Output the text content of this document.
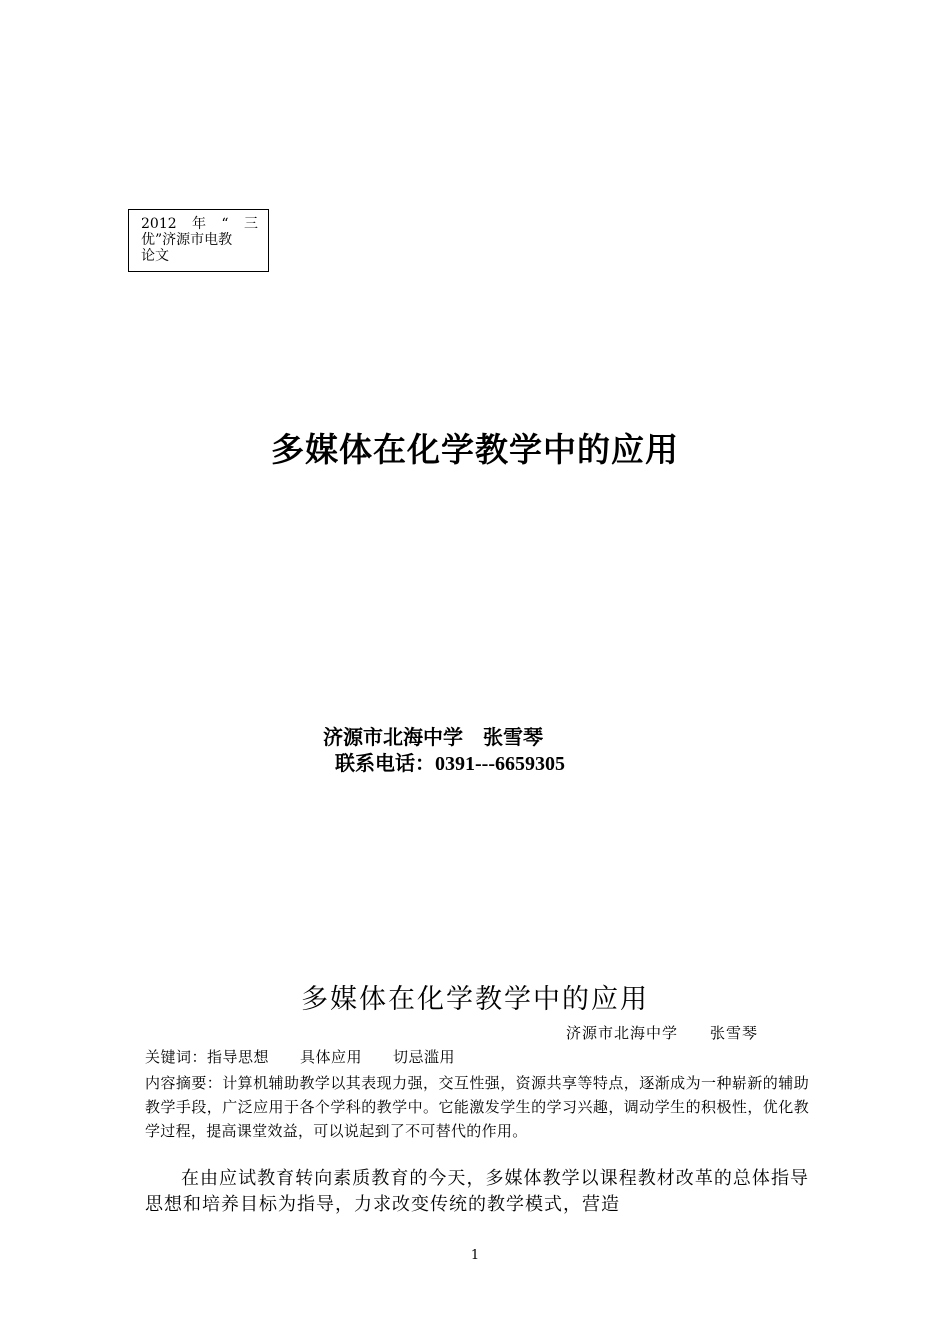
2012 年 “ 三
优”济源市电教
论文
多媒体在化学教学中的应用
济源市北海中学　张雪琴
联系电话：0391---6659305
多媒体在化学教学中的应用
济源市北海中学　　张雪琴
关键词：指导思想　　具体应用　　切忌滥用
内容摘要：计算机辅助教学以其表现力强，交互性强，资源共享等特点，逐渐成为一种崭新的辅助教学手段，广泛应用于各个学科的教学中。它能激发学生的学习兴趣，调动学生的积极性，优化教学过程，提高课堂效益，可以说起到了不可替代的作用。
在由应试教育转向素质教育的今天，多媒体教学以课程教材改革的总体指导思想和培养目标为指导，力求改变传统的教学模式，营造
1
